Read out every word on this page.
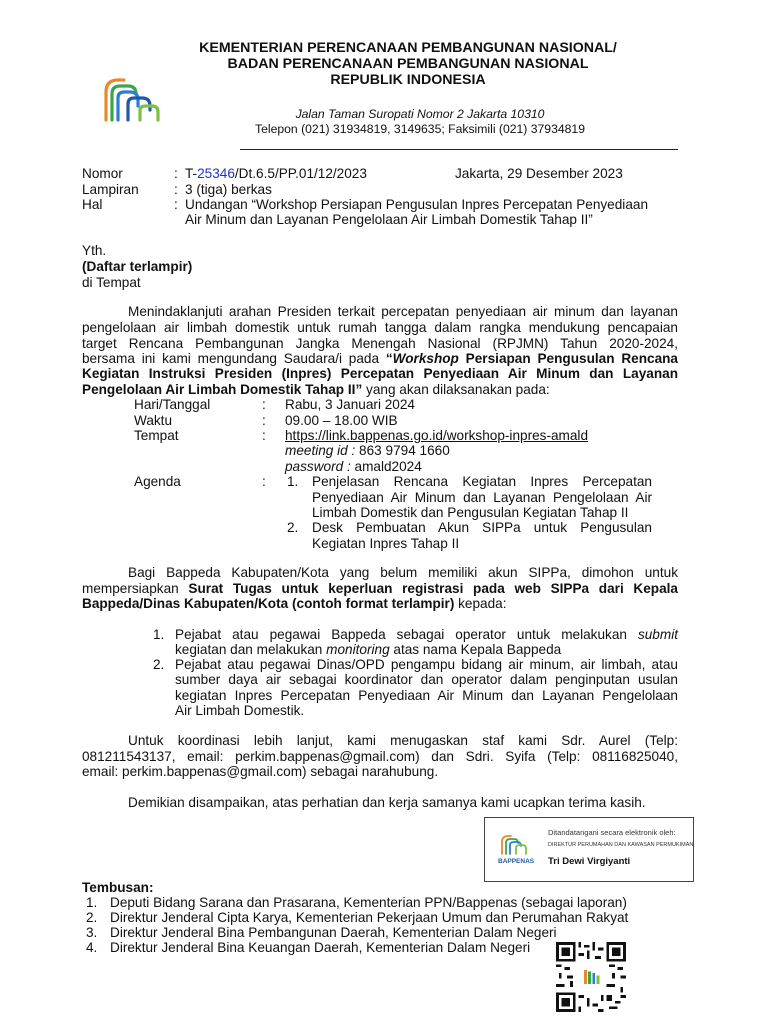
KEMENTERIAN PERENCANAAN PEMBANGUNAN NASIONAL/
BADAN PERENCANAAN PEMBANGUNAN NASIONAL
REPUBLIK INDONESIA
Jalan Taman Suropati Nomor 2 Jakarta 10310
Telepon (021) 31934819, 3149635; Faksimili (021) 37934819
Nomor	: T-25346/Dt.6.5/PP.01/12/2023	Jakarta, 29 Desember 2023
Lampiran	: 3 (tiga) berkas
Hal	: Undangan “Workshop Persiapan Pengusulan Inpres Percepatan Penyediaan
Air Minum dan Layanan Pengelolaan Air Limbah Domestik Tahap II”
Yth.
(Daftar terlampir)
di Tempat
Menindaklanjuti arahan Presiden terkait percepatan penyediaan air minum dan layanan
pengelolaan air limbah domestik untuk rumah tangga dalam rangka mendukung pencapaian
target Rencana Pembangunan Jangka Menengah Nasional (RPJMN) Tahun 2020-2024,
bersama ini kami mengundang Saudara/i pada “Workshop Persiapan Pengusulan Rencana
Kegiatan Instruksi Presiden (Inpres) Percepatan Penyediaan Air Minum dan Layanan
Pengelolaan Air Limbah Domestik Tahap II” yang akan dilaksanakan pada:
Hari/Tanggal	: Rabu, 3 Januari 2024
Waktu	: 09.00 – 18.00 WIB
Tempat	: https://link.bappenas.go.id/workshop-inpres-amald
meeting id : 863 9794 1660
password : amald2024
Agenda	: 1. Penjelasan Rencana Kegiatan Inpres Percepatan
Penyediaan Air Minum dan Layanan Pengelolaan Air
Limbah Domestik dan Pengusulan Kegiatan Tahap II
2. Desk Pembuatan Akun SIPPa untuk Pengusulan
Kegiatan Inpres Tahap II
Bagi Bappeda Kabupaten/Kota yang belum memiliki akun SIPPa, dimohon untuk
mempersiapkan Surat Tugas untuk keperluan registrasi pada web SIPPa dari Kepala
Bappeda/Dinas Kabupaten/Kota (contoh format terlampir) kepada:
1. Pejabat atau pegawai Bappeda sebagai operator untuk melakukan submit
kegiatan dan melakukan monitoring atas nama Kepala Bappeda
2. Pejabat atau pegawai Dinas/OPD pengampu bidang air minum, air limbah, atau
sumber daya air sebagai koordinator dan operator dalam penginputan usulan
kegiatan Inpres Percepatan Penyediaan Air Minum dan Layanan Pengelolaan
Air Limbah Domestik.
Untuk koordinasi lebih lanjut, kami menugaskan staf kami Sdr. Aurel (Telp:
081211543137, email: perkim.bappenas@gmail.com) dan Sdri. Syifa (Telp: 08116825040,
email: perkim.bappenas@gmail.com) sebagai narahubung.
Demikian disampaikan, atas perhatian dan kerja samanya kami ucapkan terima kasih.
BAPPENAS
Ditandatangani secara elektronik oleh:
DIREKTUR PERUMAHAN DAN KAWASAN PERMUKIMAN
Tri Dewi Virgiyanti
Tembusan:
1. Deputi Bidang Sarana dan Prasarana, Kementerian PPN/Bappenas (sebagai laporan)
2. Direktur Jenderal Cipta Karya, Kementerian Pekerjaan Umum dan Perumahan Rakyat
3. Direktur Jenderal Bina Pembangunan Daerah, Kementerian Dalam Negeri
4. Direktur Jenderal Bina Keuangan Daerah, Kementerian Dalam Negeri
